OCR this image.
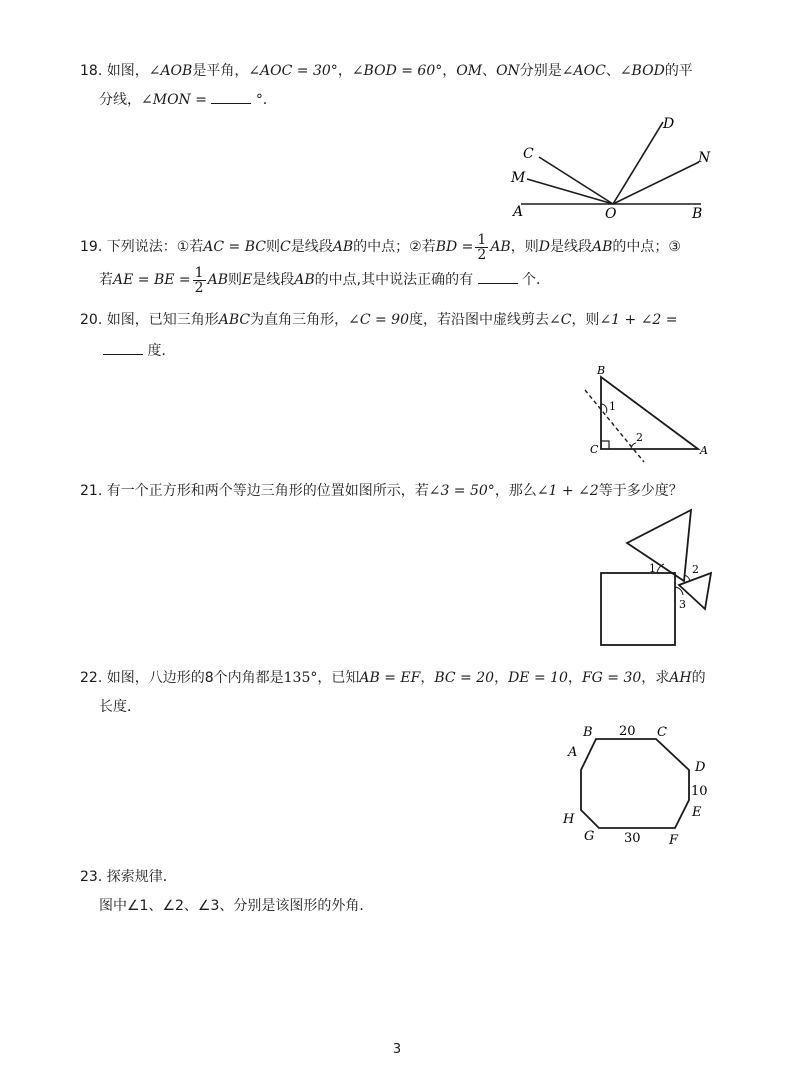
18. 如图，∠AOB是平角，∠AOC = 30°，∠BOD = 60°，OM、ON分别是∠AOC、∠BOD的平
分线，∠MON =	°．
A	B
O
C
M
D
N
19. 下列说法：①若AC = BC则C是线段AB的中点；②若BD = $\frac{1}{2}$ AB，则D是线段AB的中点；③
若AE = BE = $\frac{1}{2}$ AB则E是线段AB的中点,其中说法正确的有	个．
20. 如图，已知三角形ABC为直角三角形，∠C = 90度，若沿图中虚线剪去∠C，则∠1 + ∠2 =
度．
B
C	A
1
2
21. 有一个正方形和两个等边三角形的位置如图所示，若∠3 = 50°，那么∠1 + ∠2等于多少度？
1	2
3
22. 如图，八边形的8个内角都是135°，已知AB = EF，BC = 20，DE = 10，FG = 30，求AH的
长度．
B 20 C
A
D
10
E
H
G 30 F
23. 探索规律．
图中∠1、∠2、∠3、分别是该图形的外角．
3
